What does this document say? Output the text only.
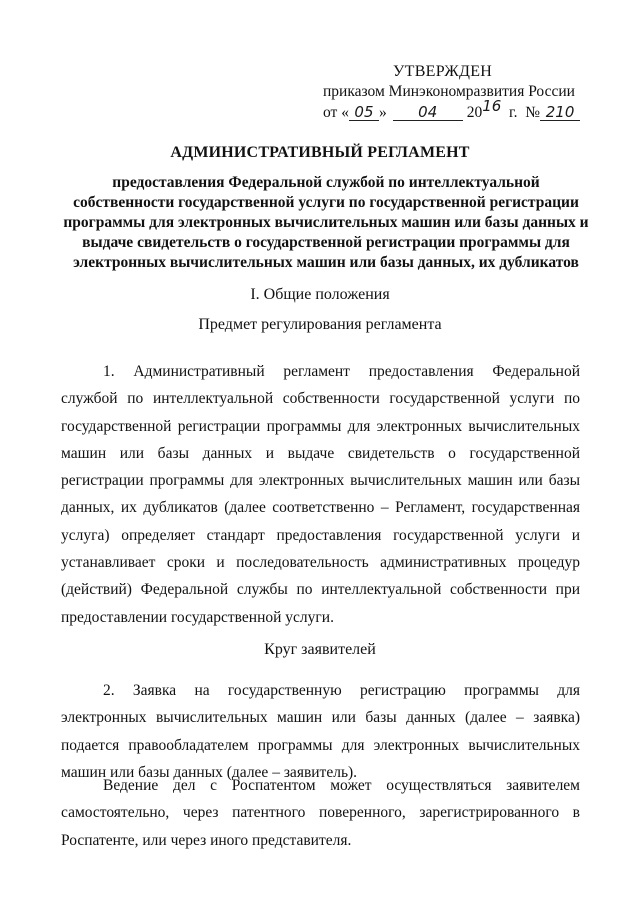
УТВЕРЖДЕН
приказом Минэкономразвития России
от « 05 » 04 2016 г. № 210
АДМИНИСТРАТИВНЫЙ РЕГЛАМЕНТ
предоставления Федеральной службой по интеллектуальной собственности государственной услуги по государственной регистрации программы для электронных вычислительных машин или базы данных и выдаче свидетельств о государственной регистрации программы для электронных вычислительных машин или базы данных, их дубликатов
I. Общие положения
Предмет регулирования регламента
1. Административный регламент предоставления Федеральной службой по интеллектуальной собственности государственной услуги по государственной регистрации программы для электронных вычислительных машин или базы данных и выдаче свидетельств о государственной регистрации программы для электронных вычислительных машин или базы данных, их дубликатов (далее соответственно – Регламент, государственная услуга) определяет стандарт предоставления государственной услуги и устанавливает сроки и последовательность административных процедур (действий) Федеральной службы по интеллектуальной собственности при предоставлении государственной услуги.
Круг заявителей
2. Заявка на государственную регистрацию программы для электронных вычислительных машин или базы данных (далее – заявка) подается правообладателем программы для электронных вычислительных машин или базы данных (далее – заявитель).
Ведение дел с Роспатентом может осуществляться заявителем самостоятельно, через патентного поверенного, зарегистрированного в Роспатенте, или через иного представителя.
